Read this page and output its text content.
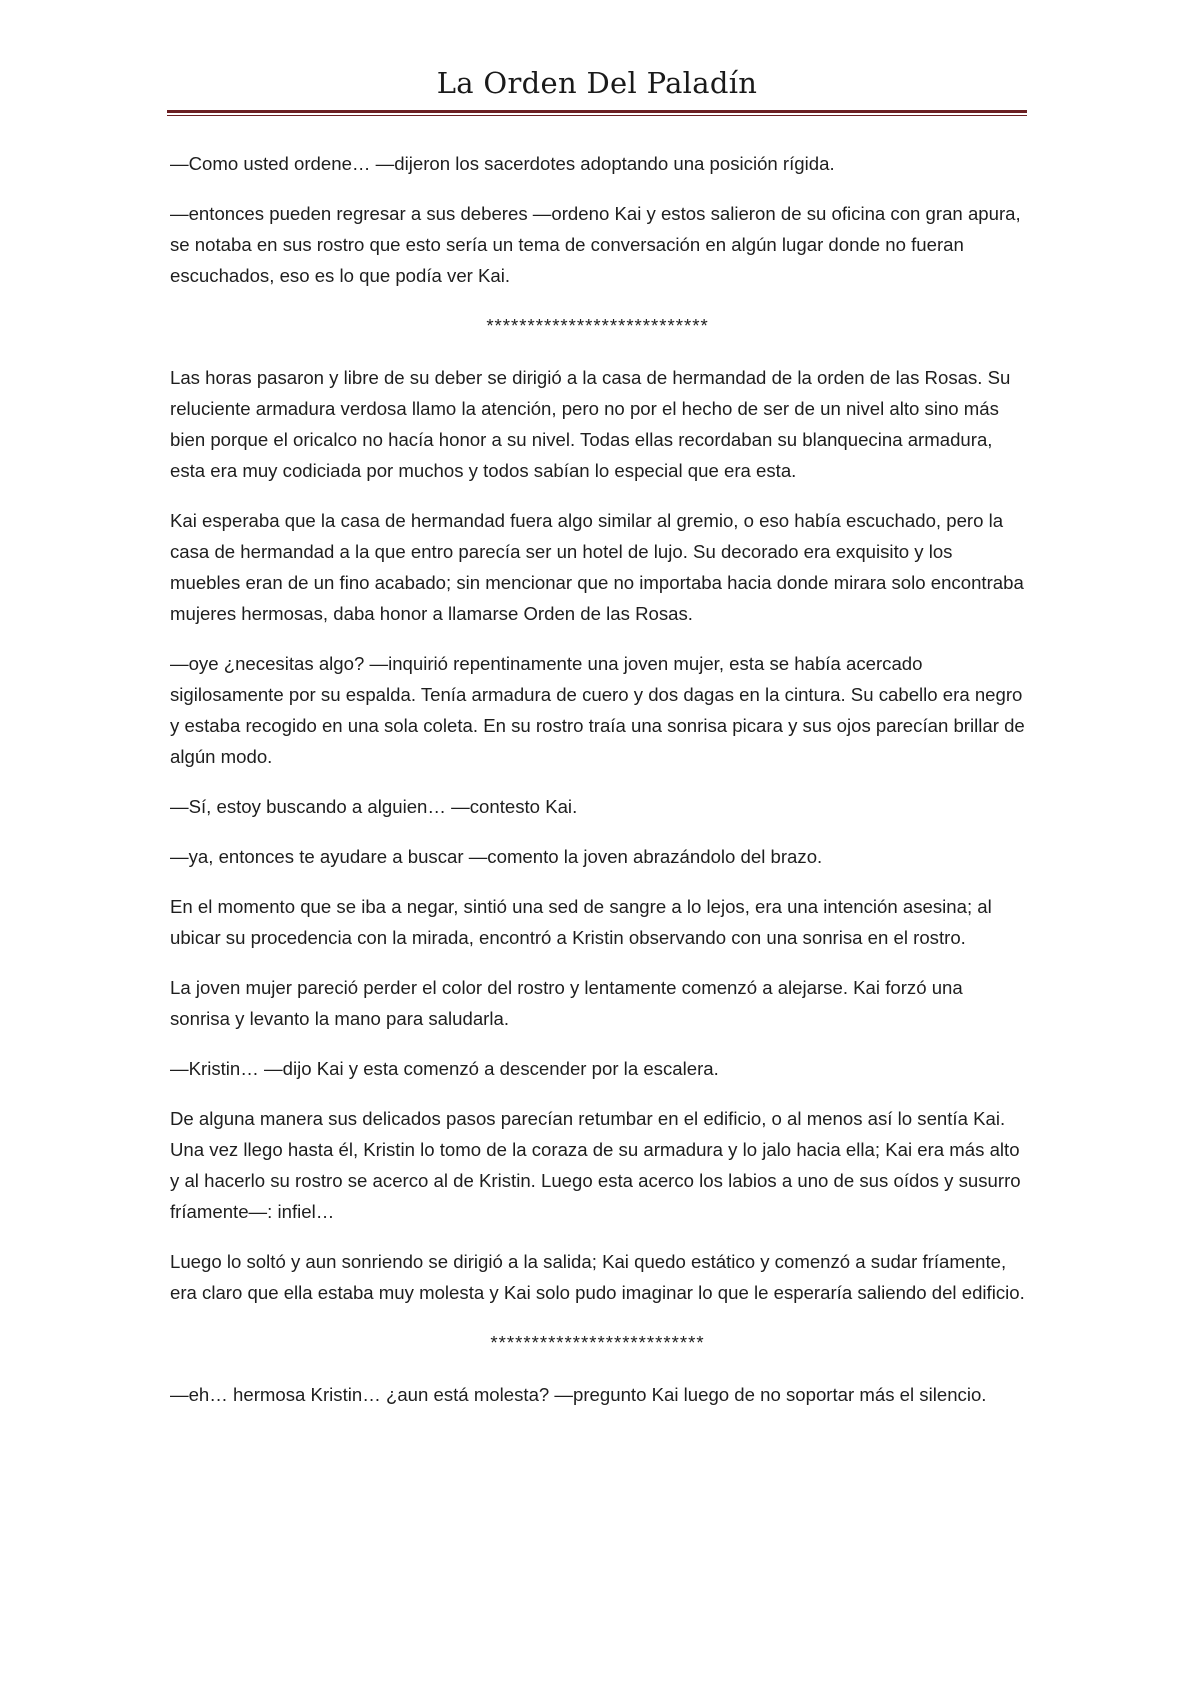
La Orden Del Paladín

—Como usted ordene… —dijeron los sacerdotes adoptando una posición rígida.

—entonces pueden regresar a sus deberes —ordeno Kai y estos salieron de su oficina con gran apura, se notaba en sus rostro que esto sería un tema de conversación en algún lugar donde no fueran escuchados, eso es lo que podía ver Kai.

***************************

Las horas pasaron y libre de su deber se dirigió a la casa de hermandad de la orden de las Rosas. Su reluciente armadura verdosa llamo la atención, pero no por el hecho de ser de un nivel alto sino más bien porque el oricalco no hacía honor a su nivel. Todas ellas recordaban su blanquecina armadura, esta era muy codiciada por muchos y todos sabían lo especial que era esta.

Kai esperaba que la casa de hermandad fuera algo similar al gremio, o eso había escuchado, pero la casa de hermandad a la que entro parecía ser un hotel de lujo. Su decorado era exquisito y los muebles eran de un fino acabado; sin mencionar que no importaba hacia donde mirara solo encontraba mujeres hermosas, daba honor a llamarse Orden de las Rosas.

—oye ¿necesitas algo? —inquirió repentinamente una joven mujer, esta se había acercado sigilosamente por su espalda. Tenía armadura de cuero y dos dagas en la cintura. Su cabello era negro y estaba recogido en una sola coleta. En su rostro traía una sonrisa picara y sus ojos parecían brillar de algún modo.

—Sí, estoy buscando a alguien… —contesto Kai.

—ya, entonces te ayudare a buscar —comento la joven abrazándolo del brazo.

En el momento que se iba a negar, sintió una sed de sangre a lo lejos, era una intención asesina; al ubicar su procedencia con la mirada, encontró a Kristin observando con una sonrisa en el rostro.

La joven mujer pareció perder el color del rostro y lentamente comenzó a alejarse. Kai forzó una sonrisa y levanto la mano para saludarla.

—Kristin… —dijo Kai y esta comenzó a descender por la escalera.

De alguna manera sus delicados pasos parecían retumbar en el edificio, o al menos así lo sentía Kai. Una vez llego hasta él, Kristin lo tomo de la coraza de su armadura y lo jalo hacia ella; Kai era más alto y al hacerlo su rostro se acerco al de Kristin. Luego esta acerco los labios a uno de sus oídos y susurro fríamente—: infiel…

Luego lo soltó y aun sonriendo se dirigió a la salida; Kai quedo estático y comenzó a sudar fríamente, era claro que ella estaba muy molesta y Kai solo pudo imaginar lo que le esperaría saliendo del edificio.

**************************

—eh… hermosa Kristin… ¿aun está molesta? —pregunto Kai luego de no soportar más el silencio.
